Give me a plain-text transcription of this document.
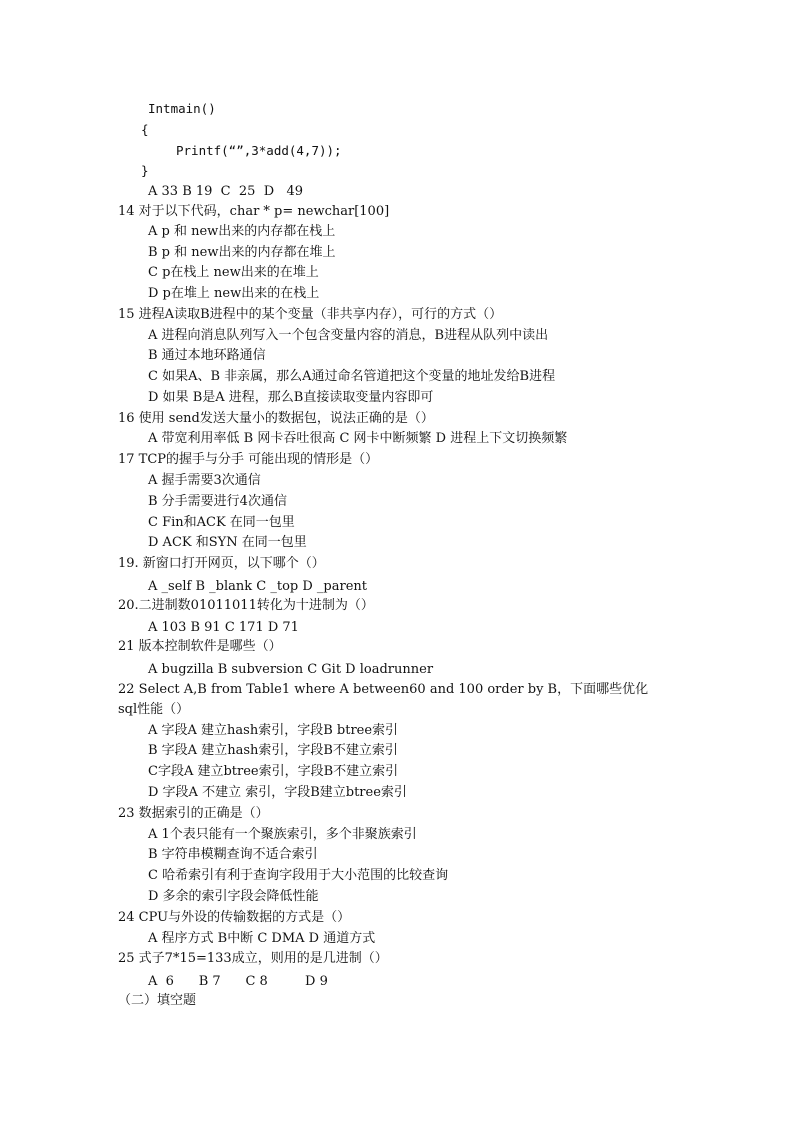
Intmain()
{
Printf(“”,3*add(4,7));
}
A 33 B 19  C  25  D   49
14 对于以下代码，char * p= newchar[100]
A p 和 new出来的内存都在栈上
B p 和 new出来的内存都在堆上
C p在栈上 new出来的在堆上
D p在堆上 new出来的在栈上
15 进程A读取B进程中的某个变量（非共享内存），可行的方式（）
A 进程向消息队列写入一个包含变量内容的消息，B进程从队列中读出
B 通过本地环路通信
C 如果A、B 非亲属，那么A通过命名管道把这个变量的地址发给B进程
D 如果 B是A 进程，那么B直接读取变量内容即可
16 使用 send发送大量小的数据包，说法正确的是（）
A 带宽利用率低 B 网卡吞吐很高 C 网卡中断频繁 D 进程上下文切换频繁
17 TCP的握手与分手 可能出现的情形是（）
A 握手需要3次通信
B 分手需要进行4次通信
C Fin和ACK 在同一包里
D ACK 和SYN 在同一包里
19. 新窗口打开网页，以下哪个（）
A _self B _blank C _top D _parent
20.二进制数01011011转化为十进制为（）
A 103 B 91 C 171 D 71
21 版本控制软件是哪些（）
A bugzilla B subversion C Git D loadrunner
22 Select A,B from Table1 where A between60 and 100 order by B，下面哪些优化
sql性能（）
A 字段A 建立hash索引，字段B btree索引
B 字段A 建立hash索引，字段B不建立索引
C字段A 建立btree索引，字段B不建立索引
D 字段A 不建立 索引，字段B建立btree索引
23 数据索引的正确是（）
A 1个表只能有一个聚族索引，多个非聚族索引
B 字符串模糊查询不适合索引
C 哈希索引有利于查询字段用于大小范围的比较查询
D 多余的索引字段会降低性能
24 CPU与外设的传输数据的方式是（）
A 程序方式 B中断 C DMA D 通道方式
25 式子7*15=133成立，则用的是几进制（）
A  6      B 7      C 8         D 9
（二）填空题
